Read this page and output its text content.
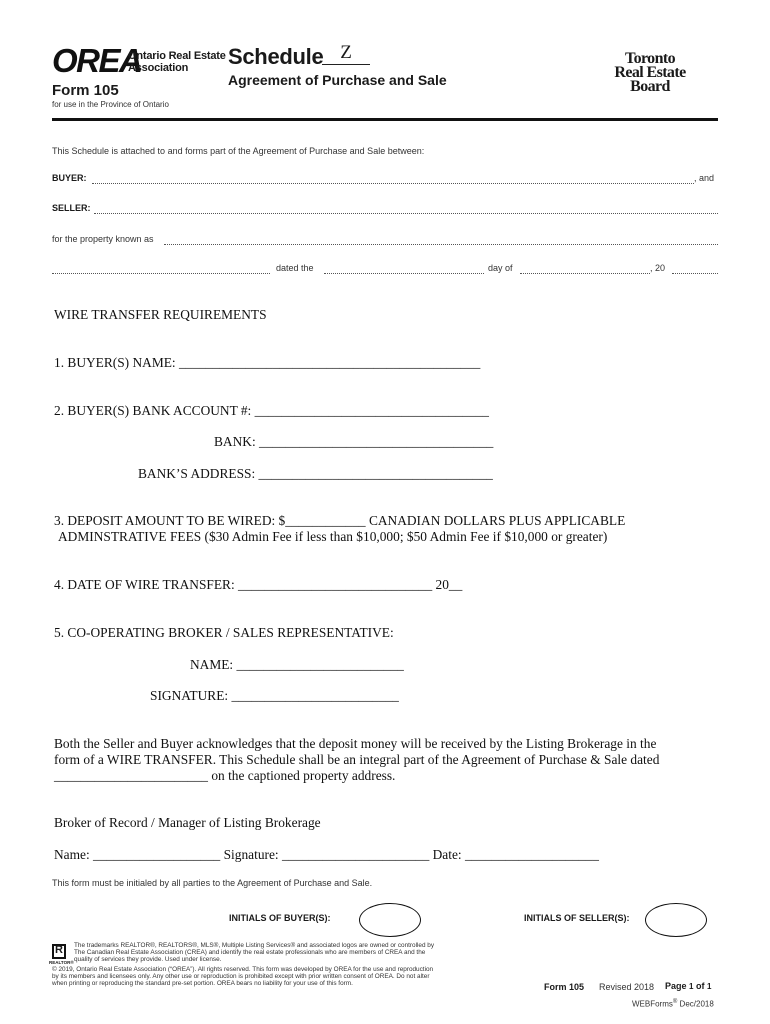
OREA
Ontario Real Estate
Association
Form 105
for use in the Province of Ontario
Schedule Z
Agreement of Purchase and Sale
Toronto
Real Estate
Board
This Schedule is attached to and forms part of the Agreement of Purchase and Sale between:
BUYER:	, and
SELLER:
for the property known as
dated the	day of	, 20
WIRE TRANSFER REQUIREMENTS
1. BUYER(S) NAME: _____________________________________________
2. BUYER(S) BANK ACCOUNT #: ___________________________________
BANK: ___________________________________
BANK’S ADDRESS: ___________________________________
3. DEPOSIT AMOUNT TO BE WIRED: $____________ CANADIAN DOLLARS PLUS APPLICABLE
ADMINSTRATIVE FEES ($30 Admin Fee if less than $10,000; $50 Admin Fee if $10,000 or greater)
4. DATE OF WIRE TRANSFER: _____________________________ 20__
5. CO-OPERATING BROKER / SALES REPRESENTATIVE:
NAME: _________________________
SIGNATURE: _________________________
Both the Seller and Buyer acknowledges that the deposit money will be received by the Listing Brokerage in the
form of a WIRE TRANSFER. This Schedule shall be an integral part of the Agreement of Purchase & Sale dated
_______________________ on the captioned property address.
Broker of Record / Manager of Listing Brokerage
Name: ___________________ Signature: ______________________ Date: ____________________
This form must be initialed by all parties to the Agreement of Purchase and Sale.
INITIALS OF BUYER(S):	INITIALS OF SELLER(S):
R
REALTOR®
The trademarks REALTOR®, REALTORS®, MLS®, Multiple Listing Services® and associated logos are owned or controlled by
The Canadian Real Estate Association (CREA) and identify the real estate professionals who are members of CREA and the
quality of services they provide. Used under license.
© 2019, Ontario Real Estate Association (“OREA”). All rights reserved. This form was developed by OREA for the use and reproduction
by its members and licensees only. Any other use or reproduction is prohibited except with prior written consent of OREA. Do not alter
when printing or reproducing the standard pre-set portion. OREA bears no liability for your use of this form.	Form 105 Revised 2018 Page 1 of 1
WEBForms® Dec/2018
